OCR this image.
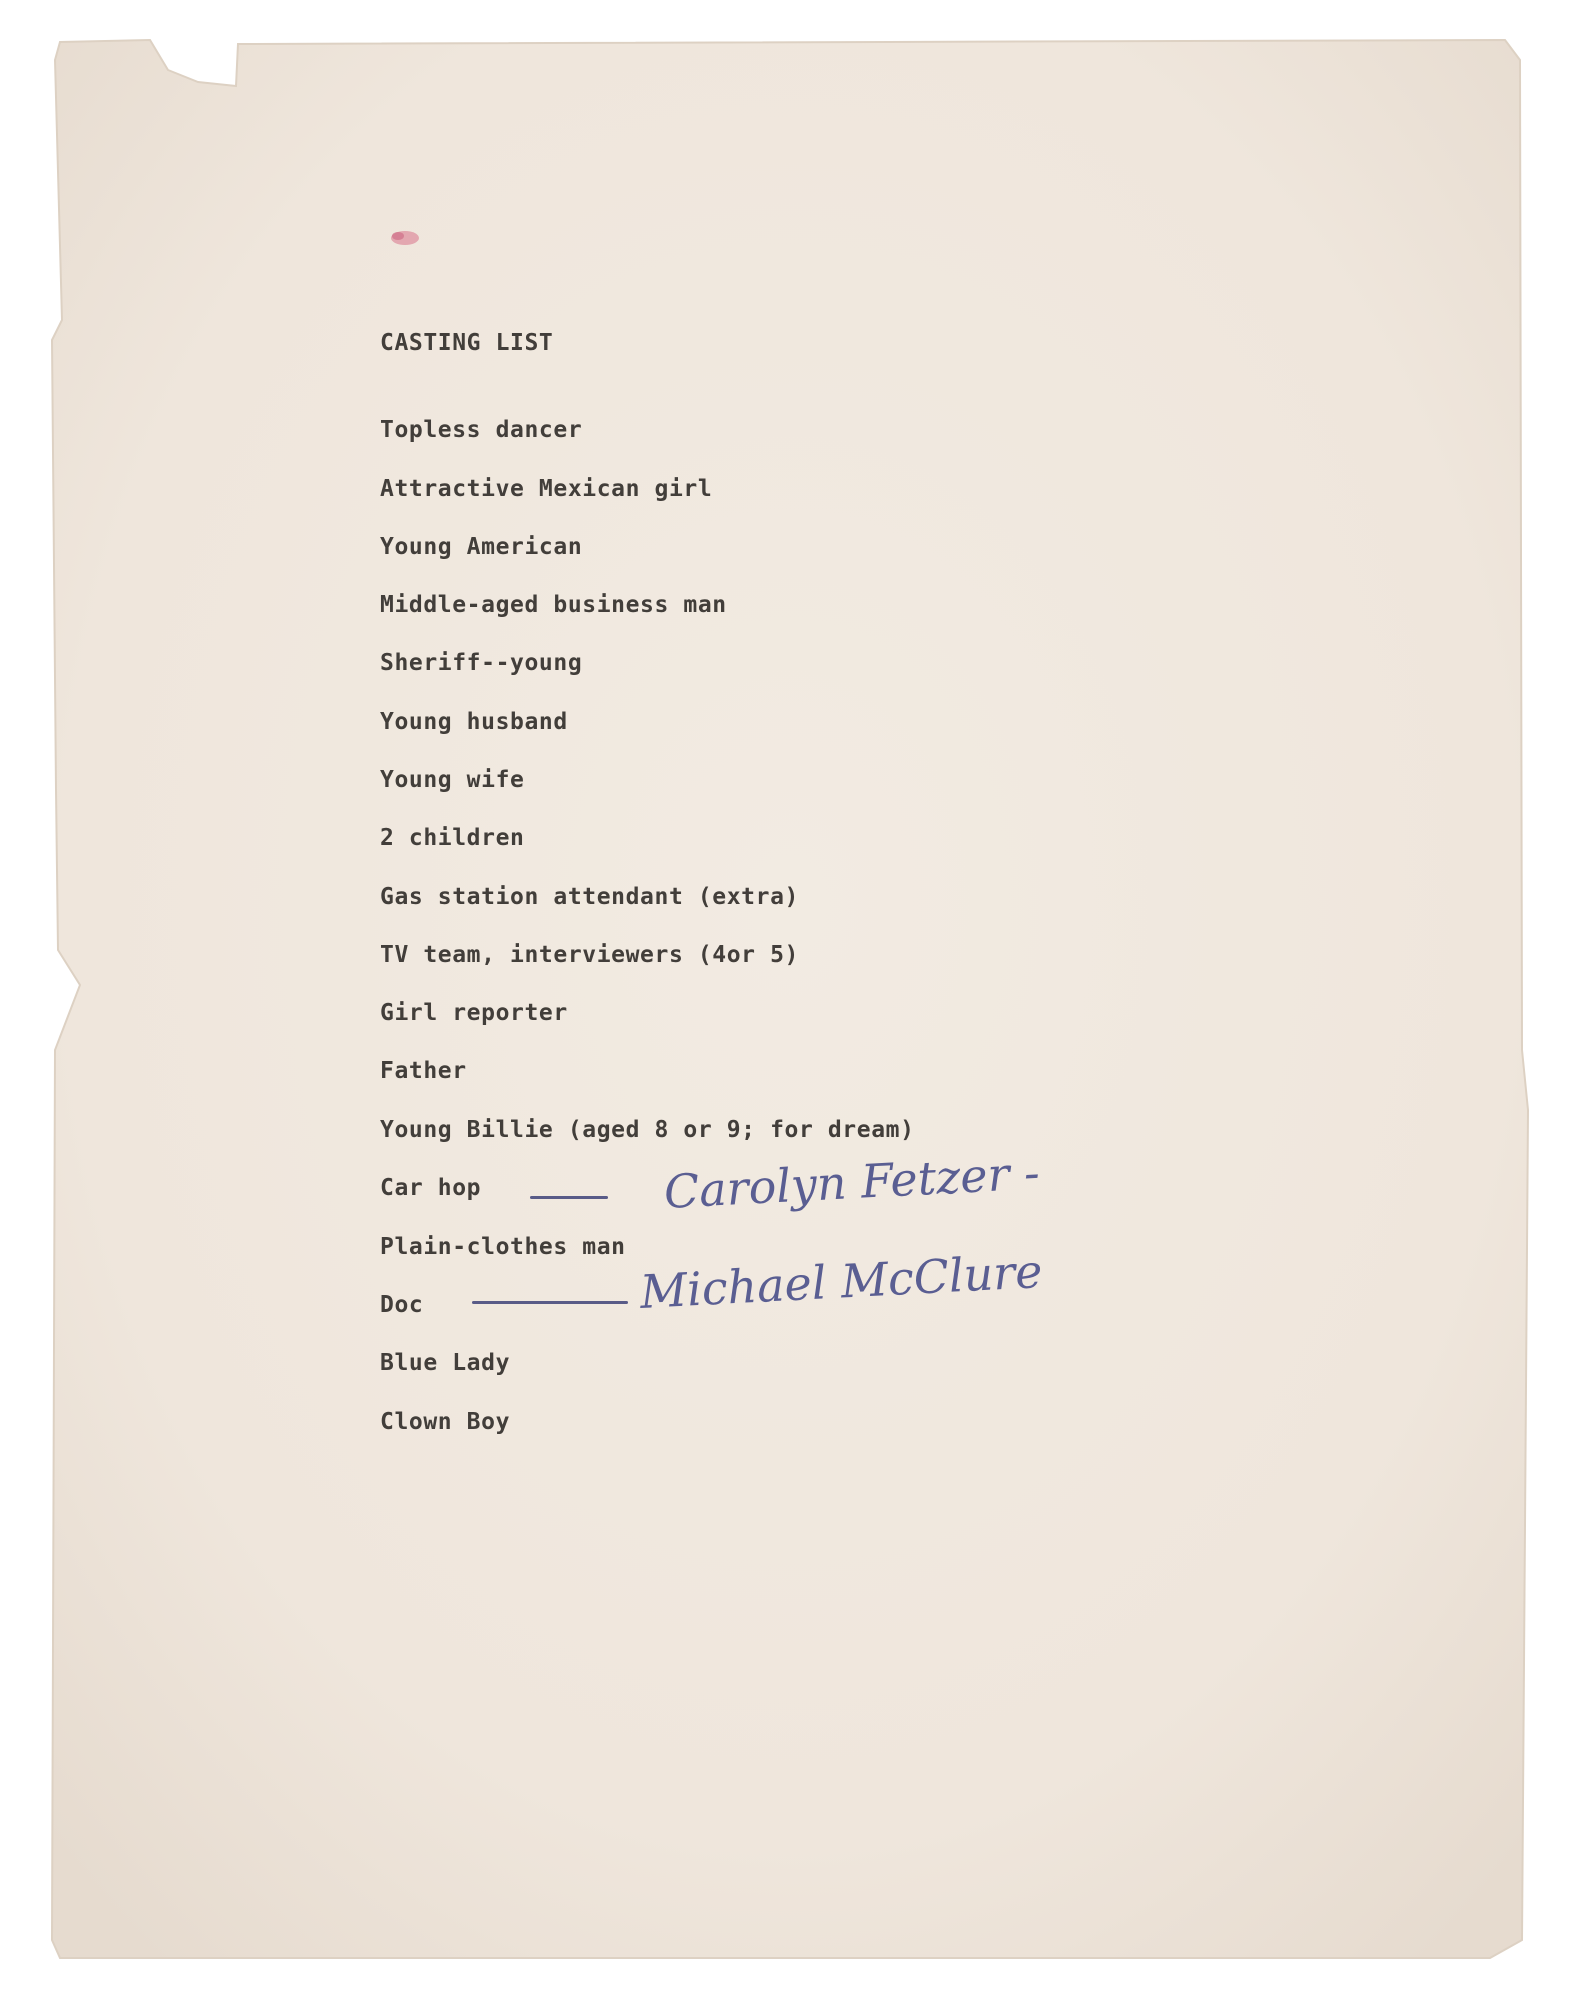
CASTING LIST
Topless dancer
Attractive Mexican girl
Young American
Middle-aged business man
Sheriff--young
Young husband
Young wife
2 children
Gas station attendant (extra)
TV team, interviewers (4or 5)
Girl reporter
Father
Young Billie (aged 8 or 9; for dream)
Car hop
Plain-clothes man
Doc
Blue Lady
Clown Boy
Carolyn Fetzer -
Michael McClure
